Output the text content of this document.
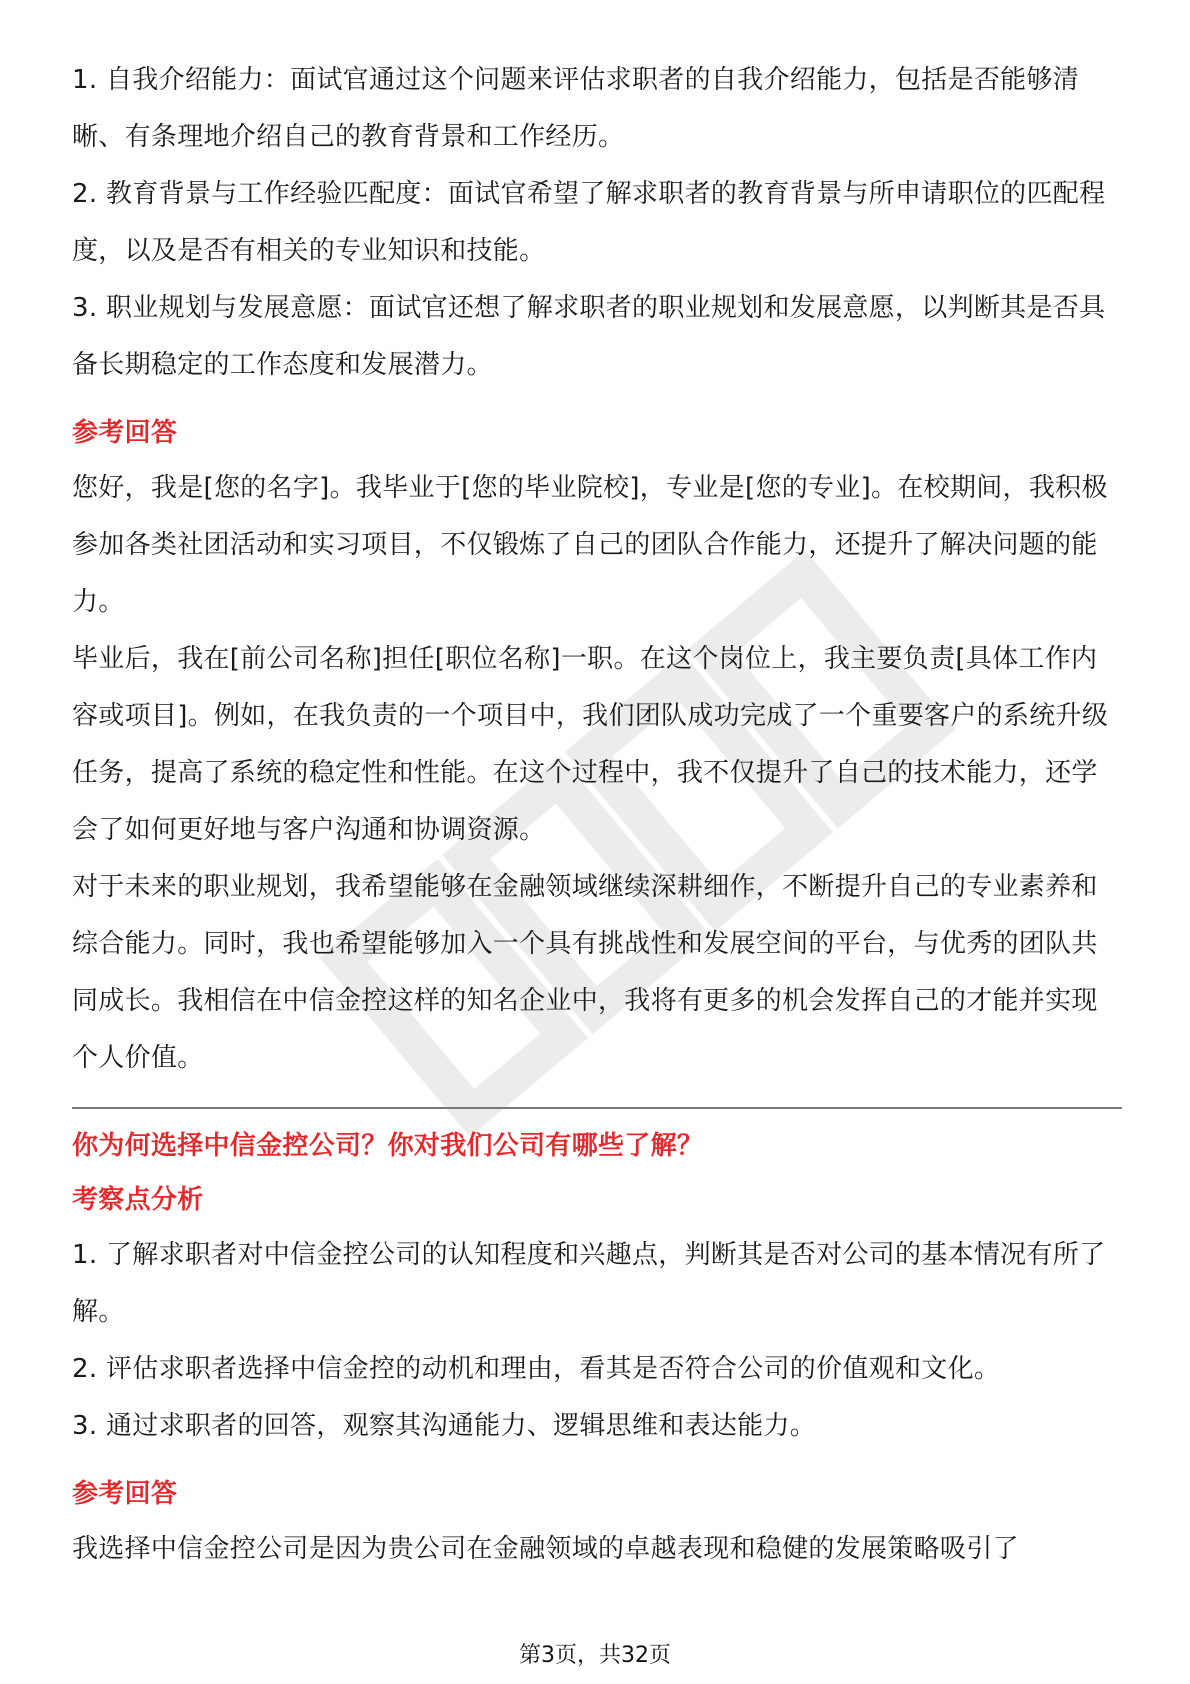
1. 自我介绍能力：面试官通过这个问题来评估求职者的自我介绍能力，包括是否能够清晰、有条理地介绍自己的教育背景和工作经历。

2. 教育背景与工作经验匹配度：面试官希望了解求职者的教育背景与所申请职位的匹配程度，以及是否有相关的专业知识和技能。

3. 职业规划与发展意愿：面试官还想了解求职者的职业规划和发展意愿，以判断其是否具备长期稳定的工作态度和发展潜力。

参考回答

您好，我是[您的名字]。我毕业于[您的毕业院校]，专业是[您的专业]。在校期间，我积极参加各类社团活动和实习项目，不仅锻炼了自己的团队合作能力，还提升了解决问题的能力。

毕业后，我在[前公司名称]担任[职位名称]一职。在这个岗位上，我主要负责[具体工作内容或项目]。例如，在我负责的一个项目中，我们团队成功完成了一个重要客户的系统升级任务，提高了系统的稳定性和性能。在这个过程中，我不仅提升了自己的技术能力，还学会了如何更好地与客户沟通和协调资源。

对于未来的职业规划，我希望能够在金融领域继续深耕细作，不断提升自己的专业素养和综合能力。同时，我也希望能够加入一个具有挑战性和发展空间的平台，与优秀的团队共同成长。我相信在中信金控这样的知名企业中，我将有更多的机会发挥自己的才能并实现个人价值。

你为何选择中信金控公司？你对我们公司有哪些了解？

考察点分析

1. 了解求职者对中信金控公司的认知程度和兴趣点，判断其是否对公司的基本情况有所了解。

2. 评估求职者选择中信金控的动机和理由，看其是否符合公司的价值观和文化。

3. 通过求职者的回答，观察其沟通能力、逻辑思维和表达能力。

参考回答

我选择中信金控公司是因为贵公司在金融领域的卓越表现和稳健的发展策略吸引了

第3页，共32页
